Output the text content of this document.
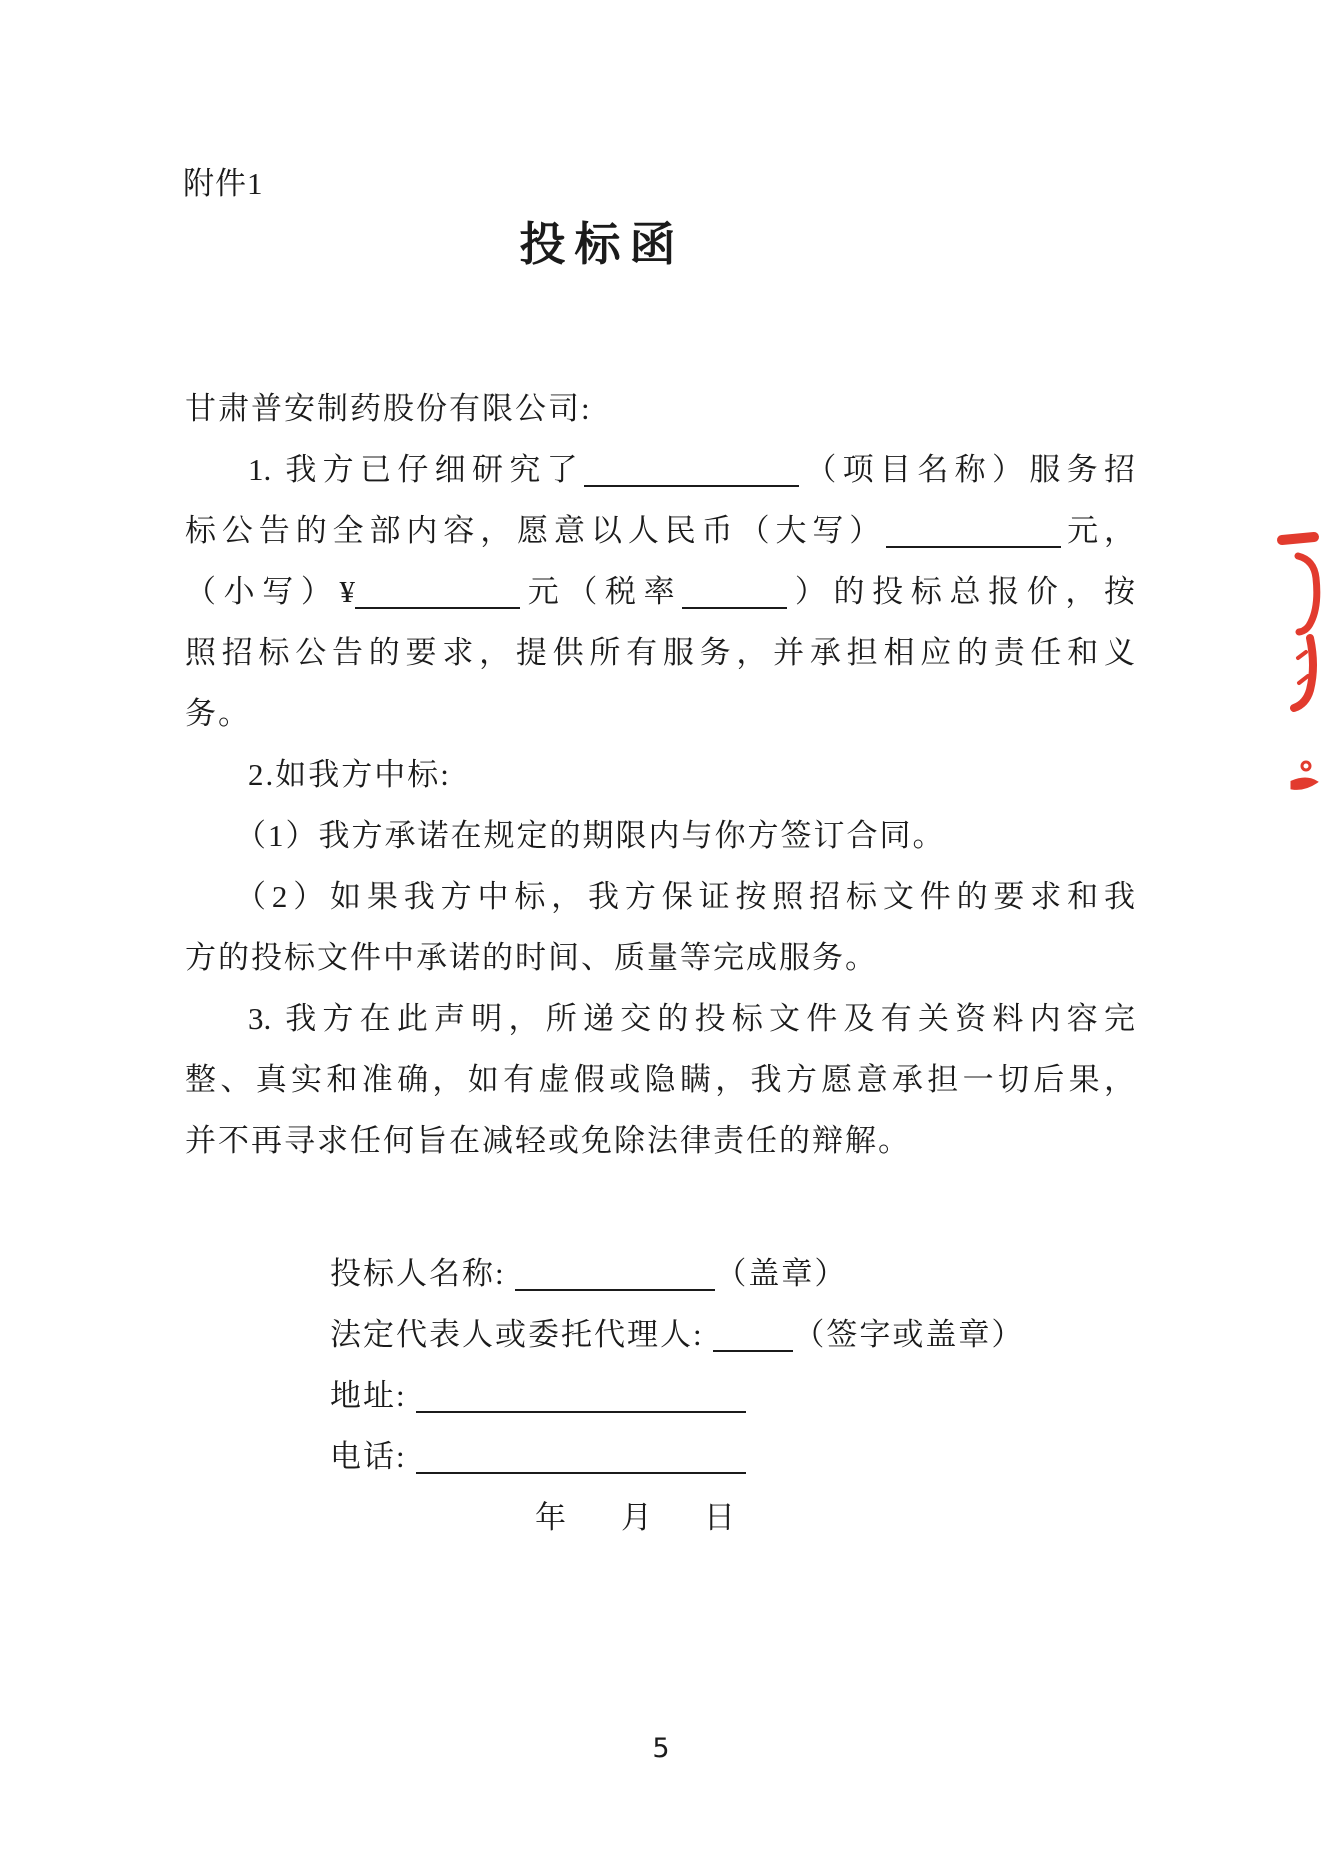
附件1
投标函
甘肃普安制药股份有限公司:
1. 我方已仔细研究了	（项目名称）服务招
标公告的全部内容，愿意以人民币（大写）	元，
（小写）¥	元（税率	）的投标总报价，按
照招标公告的要求，提供所有服务，并承担相应的责任和义
务。
2.如我方中标:
（1）我方承诺在规定的期限内与你方签订合同。
（2）如果我方中标，我方保证按照招标文件的要求和我
方的投标文件中承诺的时间、质量等完成服务。
3. 我方在此声明，所递交的投标文件及有关资料内容完
整、真实和准确，如有虚假或隐瞒，我方愿意承担一切后果，
并不再寻求任何旨在减轻或免除法律责任的辩解。
投标人名称:	（盖章）
法定代表人或委托代理人:	（签字或盖章）
地址:
电话:
年 月 日
5
